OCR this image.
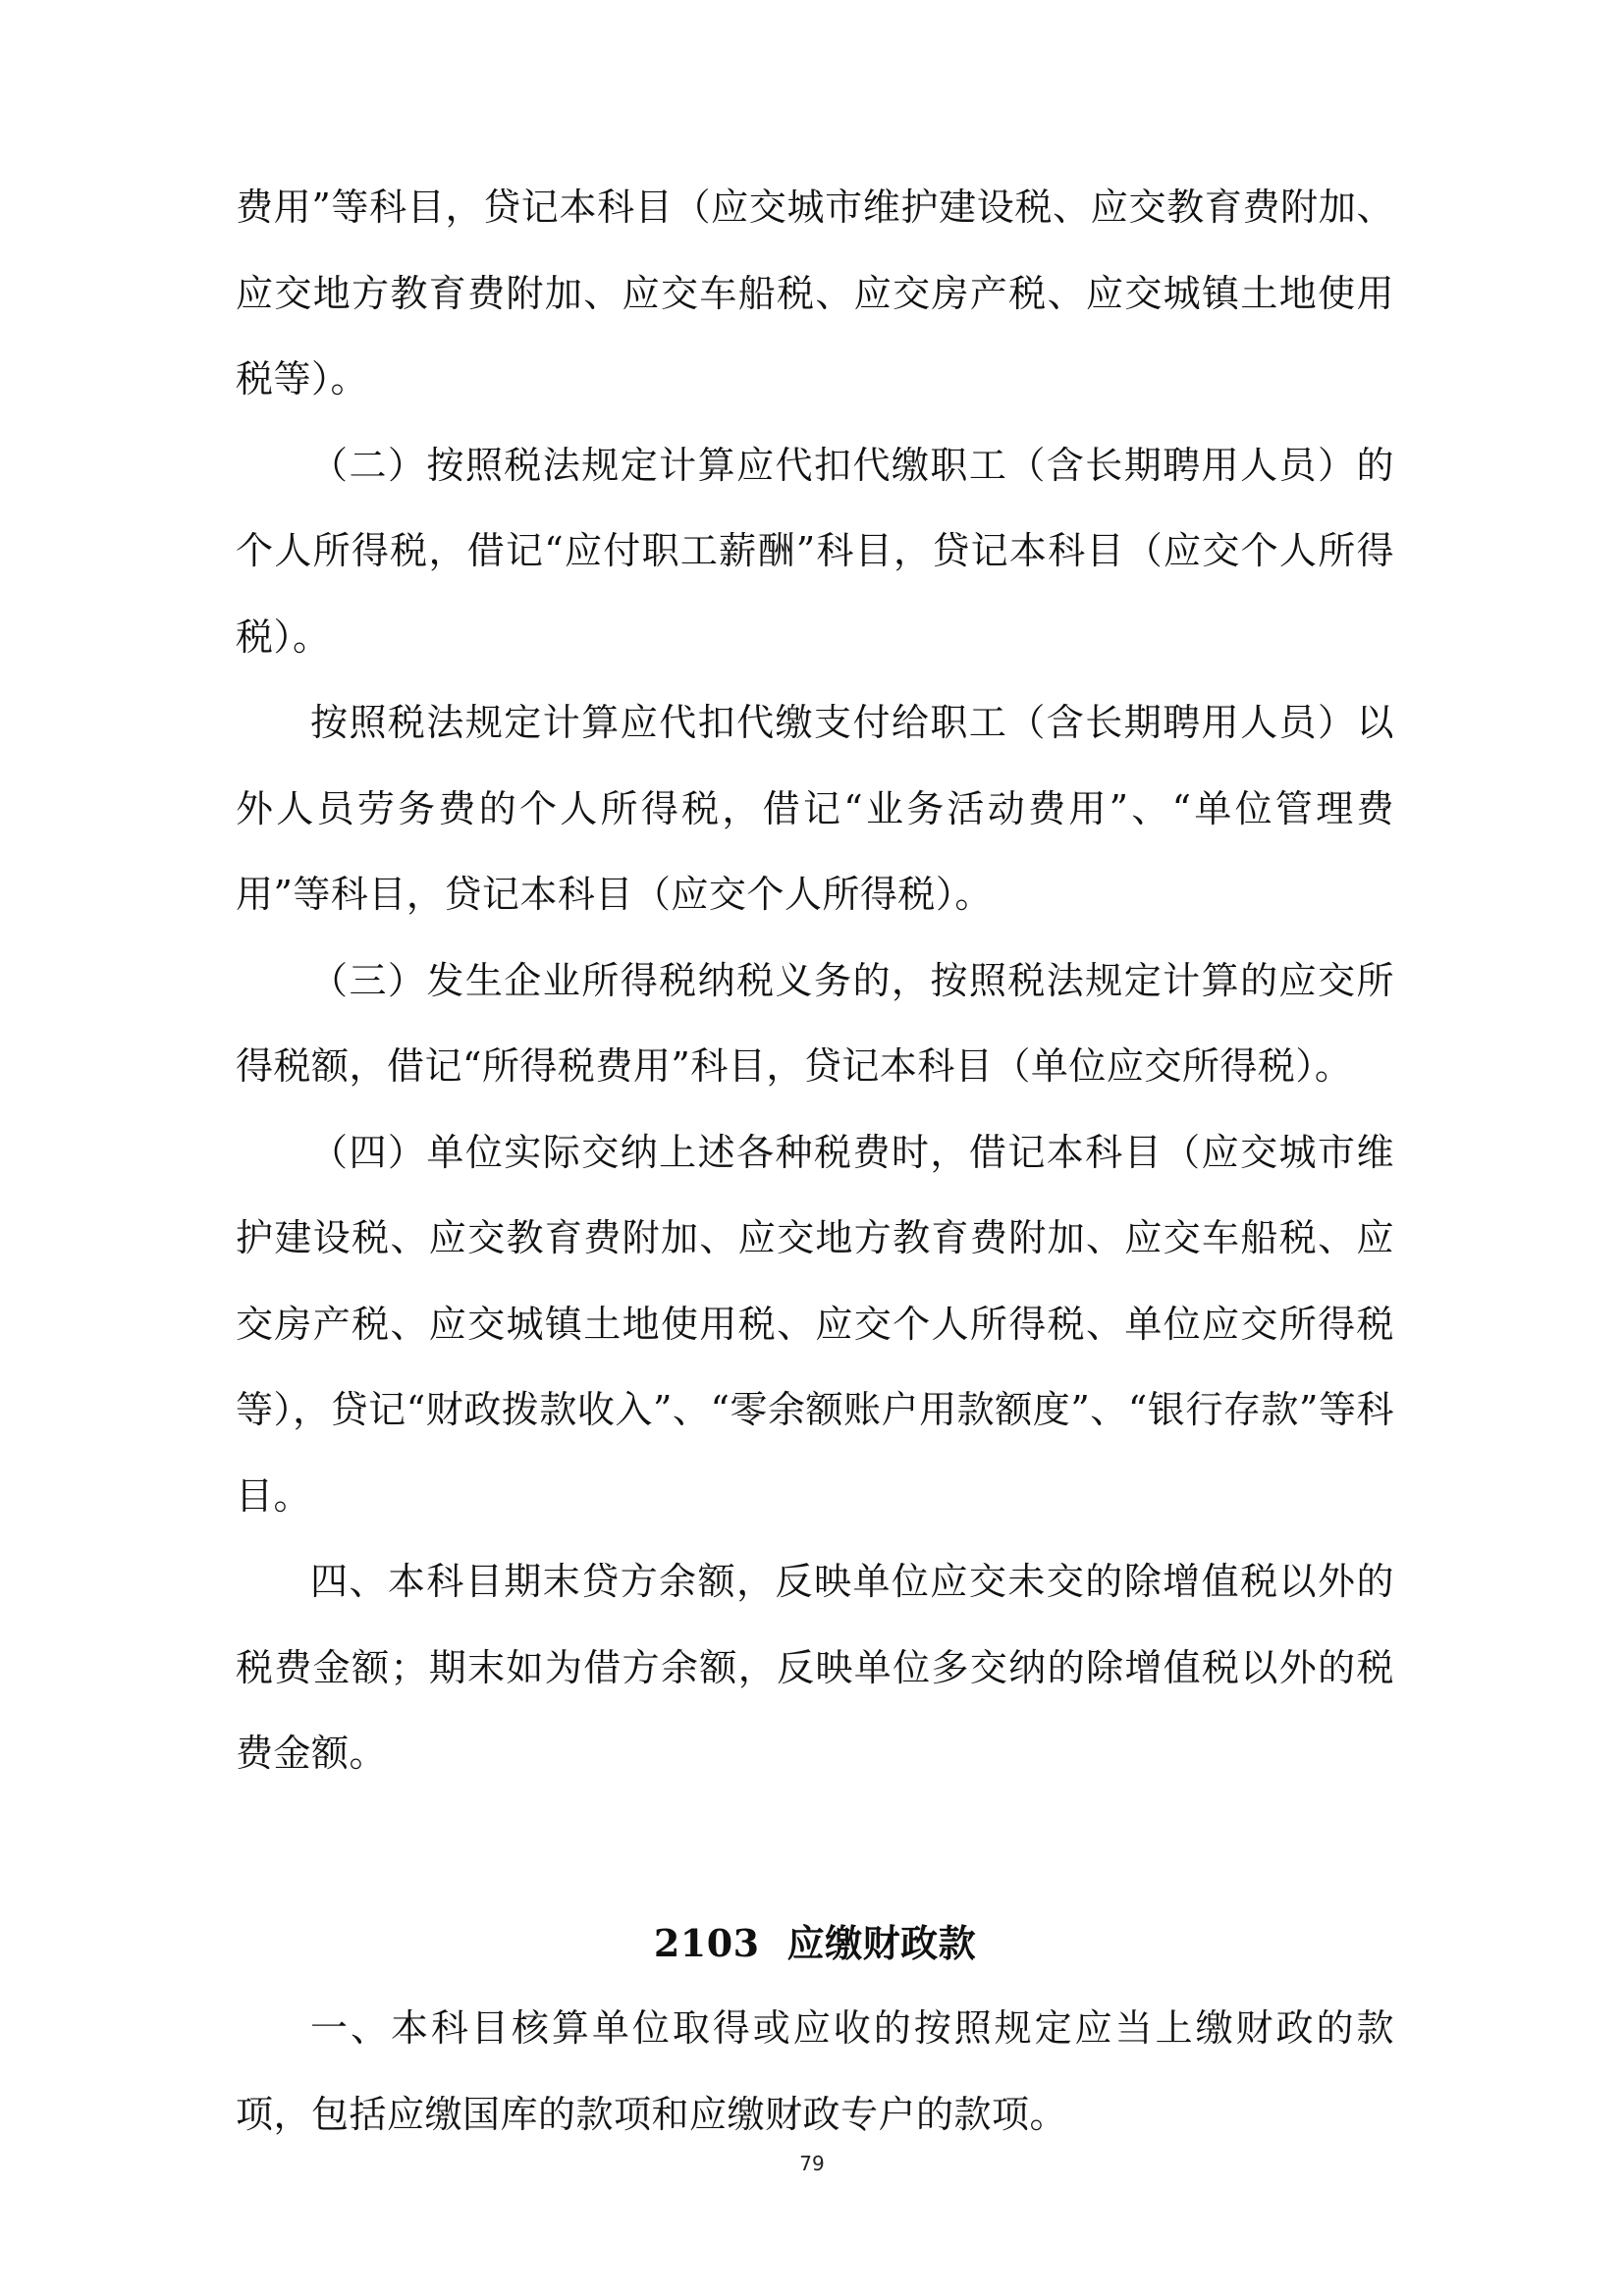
费用”等科目，贷记本科目（应交城市维护建设税、应交教育费附加、应交地方教育费附加、应交车船税、应交房产税、应交城镇土地使用税等）。

（二）按照税法规定计算应代扣代缴职工（含长期聘用人员）的个人所得税，借记“应付职工薪酬”科目，贷记本科目（应交个人所得税）。

按照税法规定计算应代扣代缴支付给职工（含长期聘用人员）以外人员劳务费的个人所得税，借记“业务活动费用”、“单位管理费用”等科目，贷记本科目（应交个人所得税）。

（三）发生企业所得税纳税义务的，按照税法规定计算的应交所得税额，借记“所得税费用”科目，贷记本科目（单位应交所得税）。

（四）单位实际交纳上述各种税费时，借记本科目（应交城市维护建设税、应交教育费附加、应交地方教育费附加、应交车船税、应交房产税、应交城镇土地使用税、应交个人所得税、单位应交所得税等），贷记“财政拨款收入”、“零余额账户用款额度”、“银行存款”等科目。

四、本科目期末贷方余额，反映单位应交未交的除增值税以外的税费金额；期末如为借方余额，反映单位多交纳的除增值税以外的税费金额。

2103 应缴财政款

一、本科目核算单位取得或应收的按照规定应当上缴财政的款项，包括应缴国库的款项和应缴财政专户的款项。

79
